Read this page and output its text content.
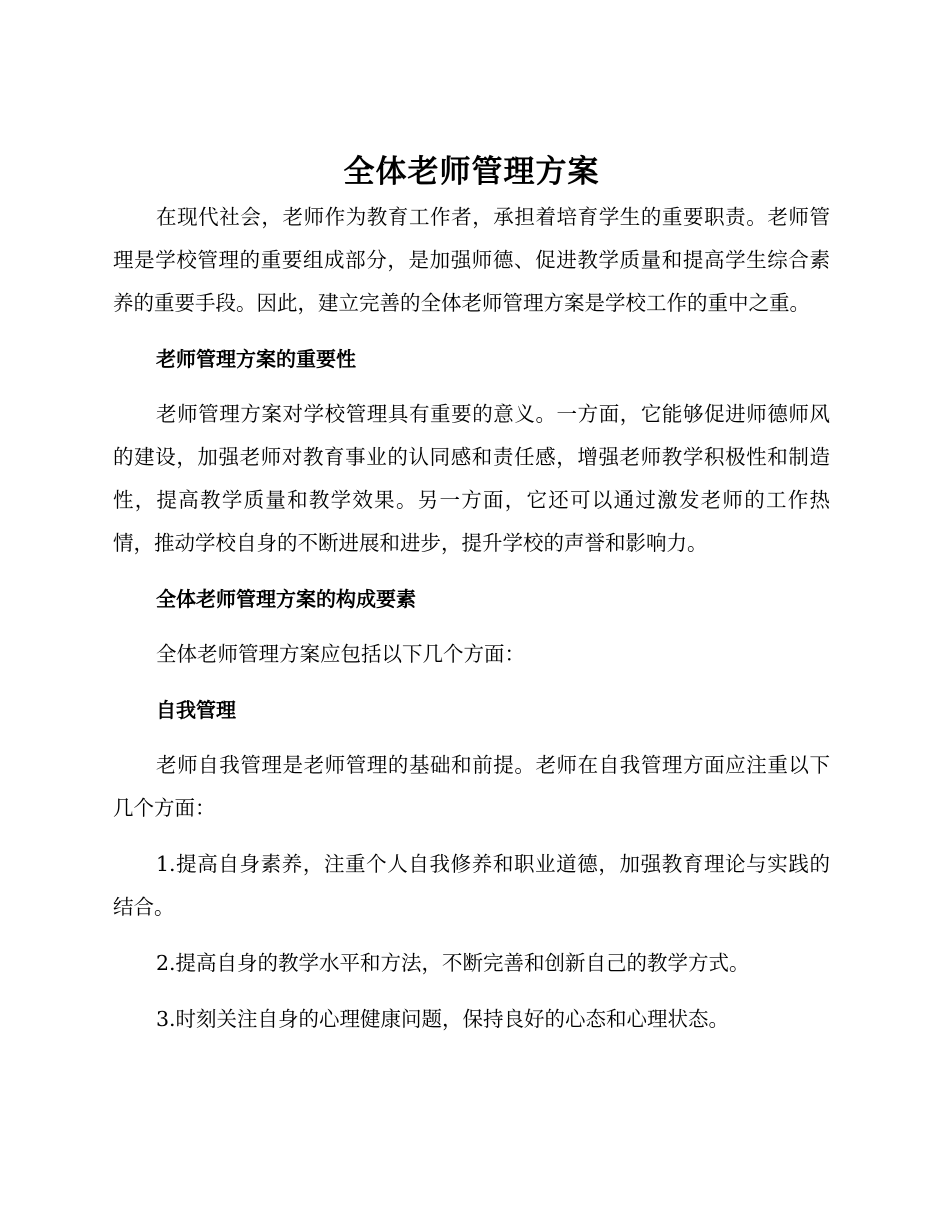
全体老师管理方案

在现代社会，老师作为教育工作者，承担着培育学生的重要职责。老师管理是学校管理的重要组成部分，是加强师德、促进教学质量和提高学生综合素养的重要手段。因此，建立完善的全体老师管理方案是学校工作的重中之重。

老师管理方案的重要性

老师管理方案对学校管理具有重要的意义。一方面，它能够促进师德师风的建设，加强老师对教育事业的认同感和责任感，增强老师教学积极性和制造性，提高教学质量和教学效果。另一方面，它还可以通过激发老师的工作热情，推动学校自身的不断进展和进步，提升学校的声誉和影响力。

全体老师管理方案的构成要素

全体老师管理方案应包括以下几个方面：

自我管理

老师自我管理是老师管理的基础和前提。老师在自我管理方面应注重以下几个方面：

1.提高自身素养，注重个人自我修养和职业道德，加强教育理论与实践的结合。

2.提高自身的教学水平和方法，不断完善和创新自己的教学方式。

3.时刻关注自身的心理健康问题，保持良好的心态和心理状态。
